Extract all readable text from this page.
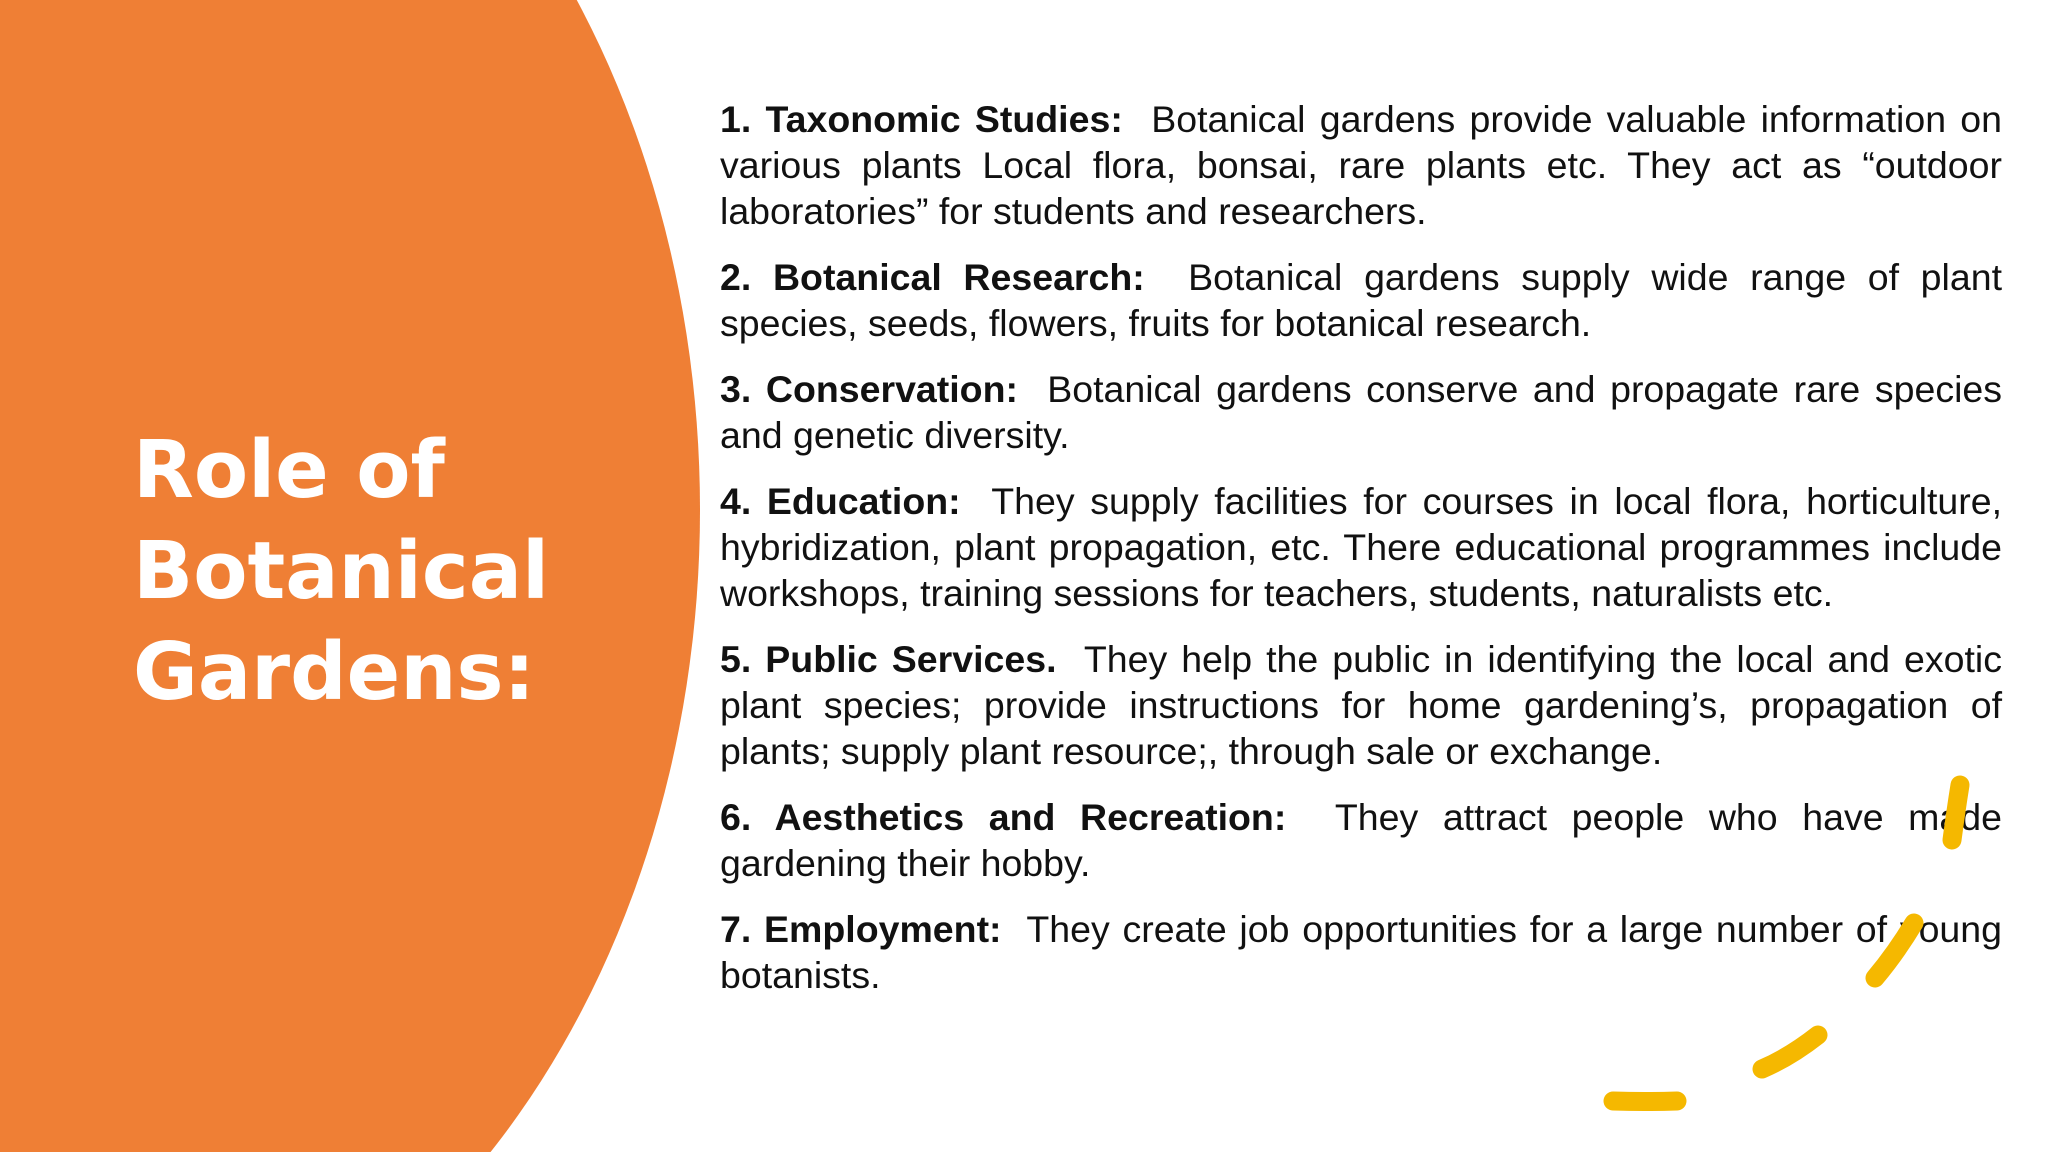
Role of
Botanical
Gardens:
1. Taxonomic Studies: Botanical gardens provide valuable information on various plants Local flora, bonsai, rare plants etc. They act as “outdoor laboratories” for students and researchers.
2. Botanical Research: Botanical gardens supply wide range of plant species, seeds, flowers, fruits for botanical research.
3. Conservation: Botanical gardens conserve and propagate rare species and genetic diversity.
4. Education: They supply facilities for courses in local flora, horticulture, hybridization, plant propagation, etc. There educational programmes include workshops, training sessions for teachers, students, naturalists etc.
5. Public Services. They help the public in identifying the local and exotic plant species; provide instructions for home gardening’s, propagation of plants; supply plant resource;, through sale or exchange.
6. Aesthetics and Recreation: They attract people who have made gardening their hobby.
7. Employment: They create job opportunities for a large number of young botanists.
